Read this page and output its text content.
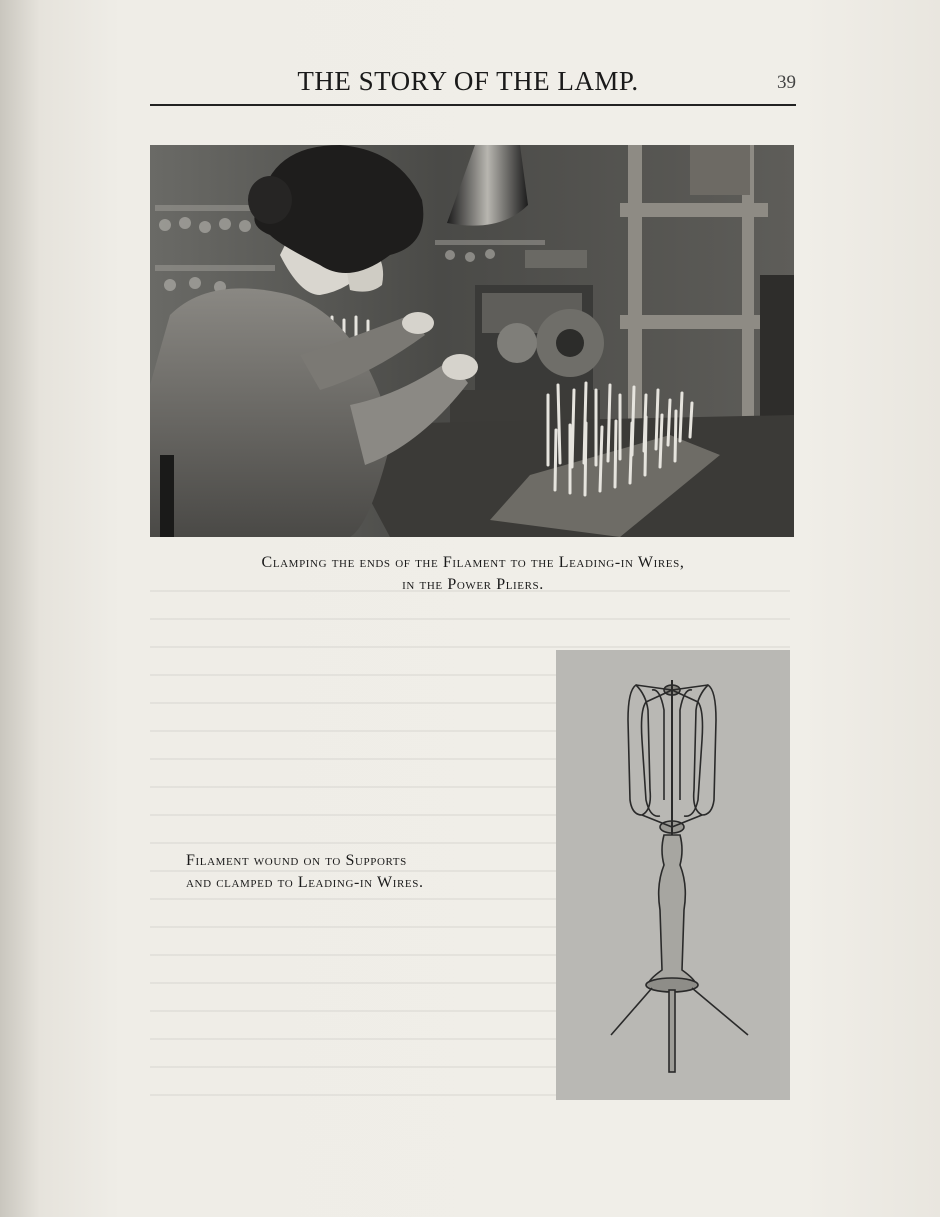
THE STORY OF THE LAMP.	39
Clamping the ends of the Filament to the Leading-in Wires,
in the Power Pliers.
Filament wound on to Supports
and clamped to Leading-in Wires.
